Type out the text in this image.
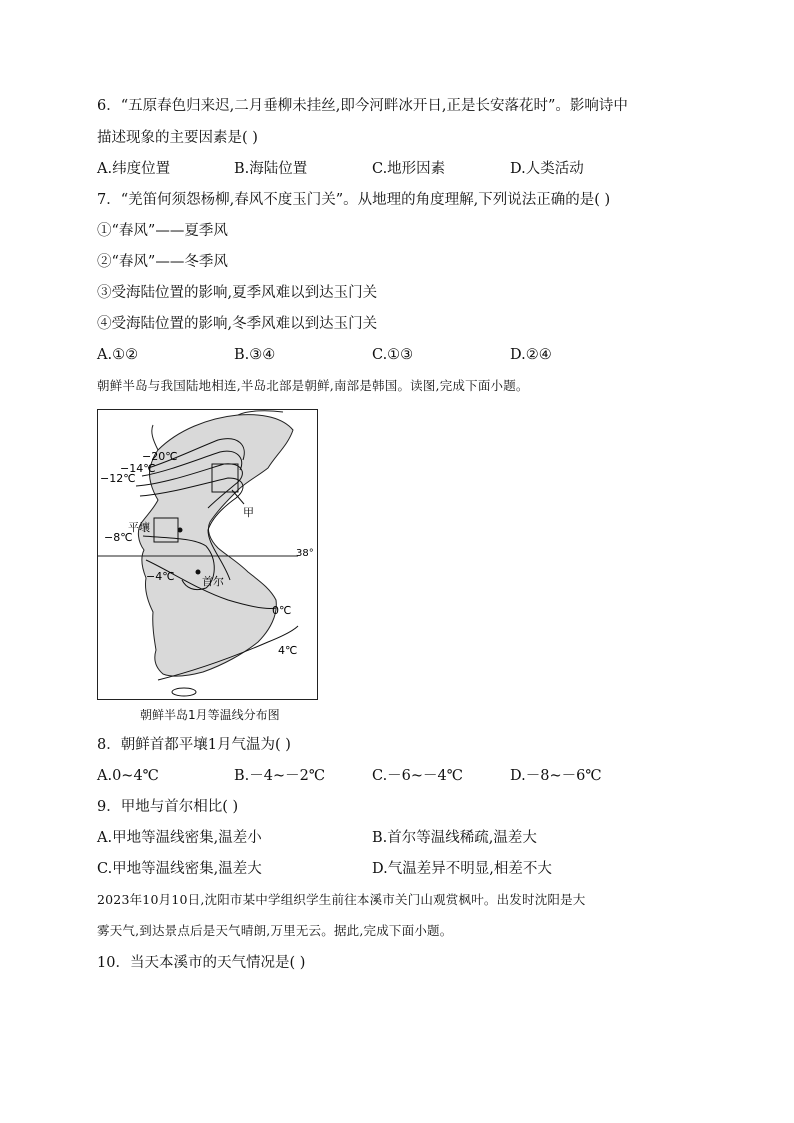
6．“五原春色归来迟,二月垂柳未挂丝,即今河畔冰开日,正是长安落花时”。影响诗中
描述现象的主要因素是( )
A.纬度位置	B.海陆位置	C.地形因素	D.人类活动
7．“羌笛何须怨杨柳,春风不度玉门关”。从地理的角度理解,下列说法正确的是( )
①“春风”——夏季风
②“春风”——冬季风
③受海陆位置的影响,夏季风难以到达玉门关
④受海陆位置的影响,冬季风难以到达玉门关
A.①②	B.③④	C.①③	D.②④
朝鲜半岛与我国陆地相连,半岛北部是朝鲜,南部是韩国。读图,完成下面小题。
−20℃
−14℃
−12℃
平壤
−8℃
−4℃ 首尔
甲
38°
0℃
4℃
朝鲜半岛1月等温线分布图
8．朝鲜首都平壤1月气温为( )
A.0~4℃	B.－4~－2℃	C.－6~－4℃	D.－8~－6℃
9．甲地与首尔相比( )
A.甲地等温线密集,温差小	B.首尔等温线稀疏,温差大
C.甲地等温线密集,温差大	D.气温差异不明显,相差不大
2023年10月10日,沈阳市某中学组织学生前往本溪市关门山观赏枫叶。出发时沈阳是大
雾天气,到达景点后是天气晴朗,万里无云。据此,完成下面小题。
10．当天本溪市的天气情况是( )
